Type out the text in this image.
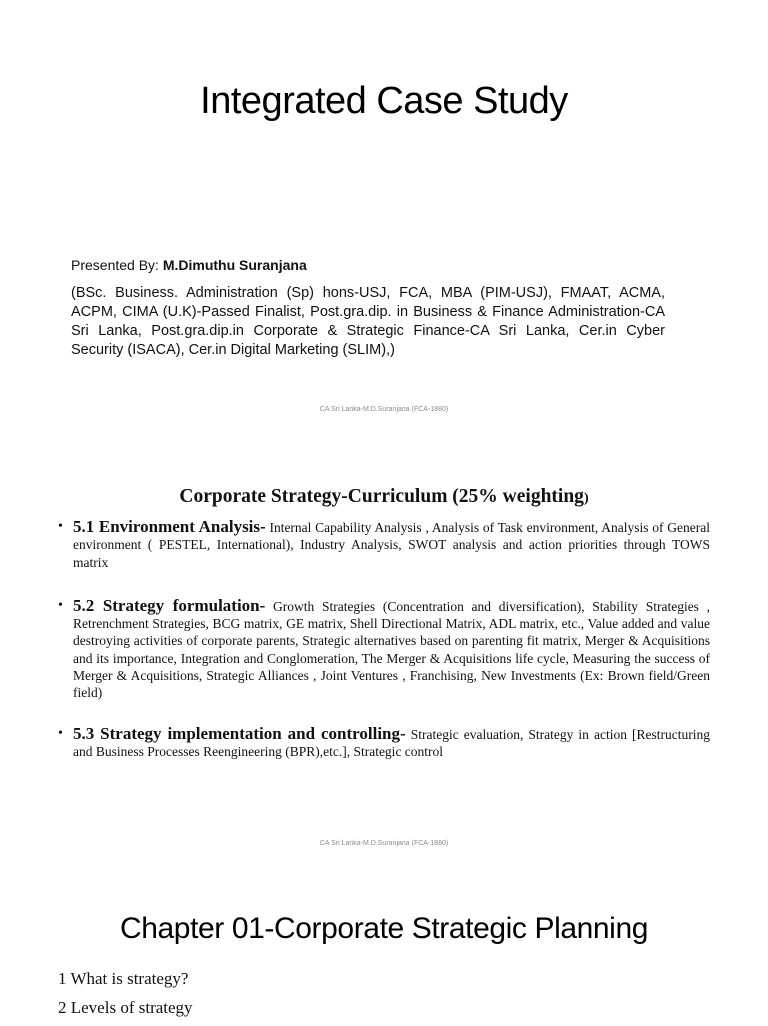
Integrated Case Study
Presented By: M.Dimuthu Suranjana
(BSc. Business. Administration (Sp) hons-USJ, FCA, MBA (PIM-USJ), FMAAT, ACMA, ACPM, CIMA (U.K)-Passed Finalist, Post.gra.dip. in Business & Finance Administration-CA Sri Lanka, Post.gra.dip.in Corporate & Strategic Finance-CA Sri Lanka, Cer.in Cyber Security (ISACA), Cer.in Digital Marketing (SLIM),)
CA Sri Lanka-M.D.Suranjana (FCA-1880)
Corporate Strategy-Curriculum (25% weighting)
• 5.1 Environment Analysis- Internal Capability Analysis , Analysis of Task environment, Analysis of General environment ( PESTEL, International), Industry Analysis, SWOT analysis and action priorities through TOWS matrix
• 5.2 Strategy formulation- Growth Strategies (Concentration and diversification), Stability Strategies , Retrenchment Strategies, BCG matrix, GE matrix, Shell Directional Matrix, ADL matrix, etc., Value added and value destroying activities of corporate parents, Strategic alternatives based on parenting fit matrix, Merger & Acquisitions and its importance, Integration and Conglomeration, The Merger & Acquisitions life cycle, Measuring the success of Merger & Acquisitions, Strategic Alliances , Joint Ventures , Franchising, New Investments (Ex: Brown field/Green field)
• 5.3 Strategy implementation and controlling- Strategic evaluation, Strategy in action [Restructuring and Business Processes Reengineering (BPR),etc.], Strategic control
CA Sri Lanka-M.D.Suranjana (FCA-1880)
Chapter 01-Corporate Strategic Planning
1 What is strategy?
2 Levels of strategy
